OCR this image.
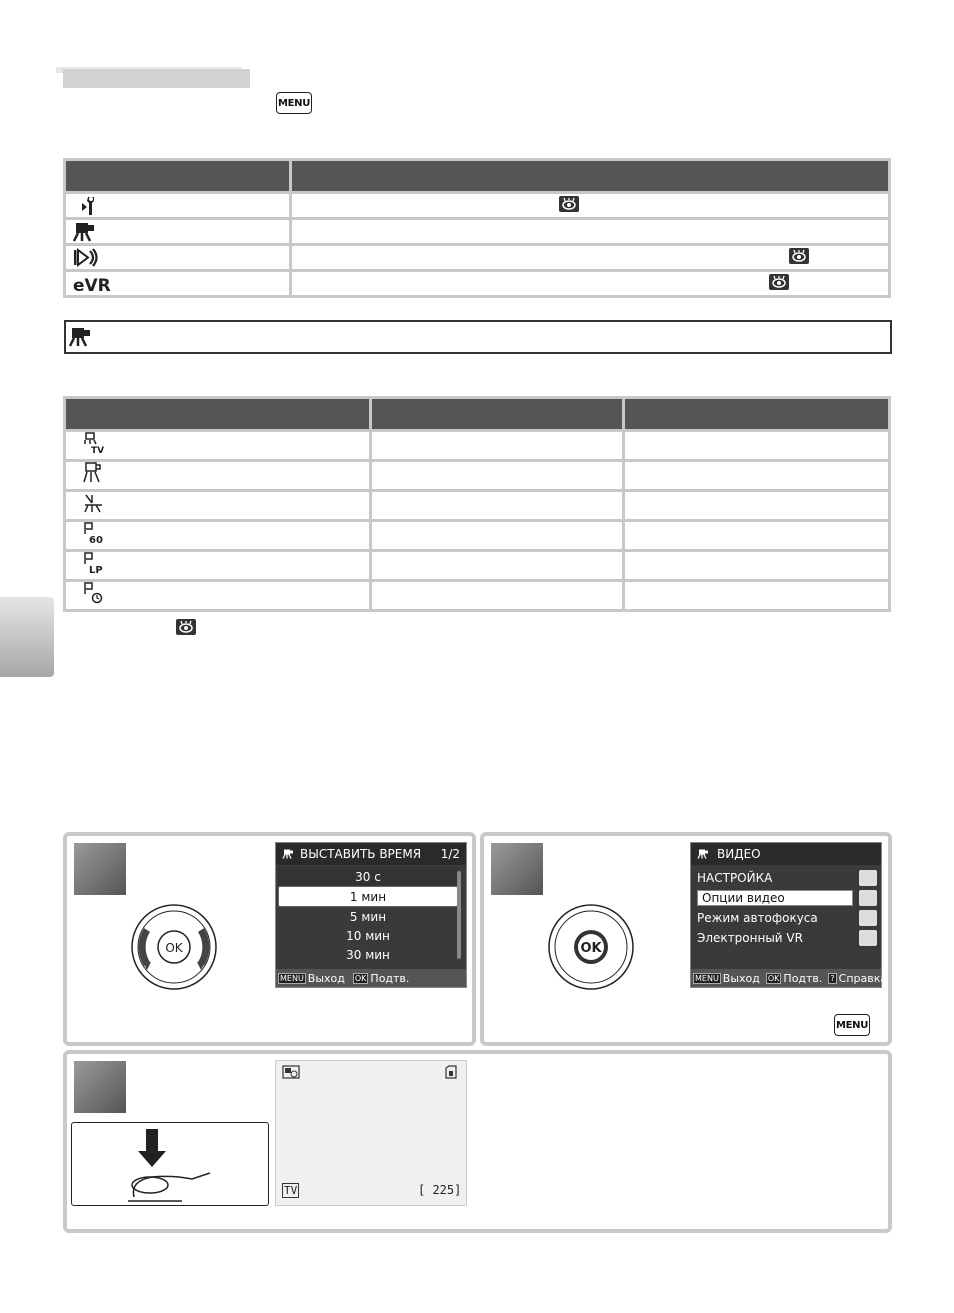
MENU

eVR

TV		

60		

LP		

OK
ВЫСТАВИТЬ ВРЕМЯ 1/2
30 с
1 мин
5 мин
10 мин
30 мин
MENU Выход OK Подтв.
OK
ВИДЕО
НАСТРОЙКА
Опции видео
Режим автофокуса
Электронный VR
MENU Выход OK Подтв. ? Справка
MENU
TV	[ 225]
